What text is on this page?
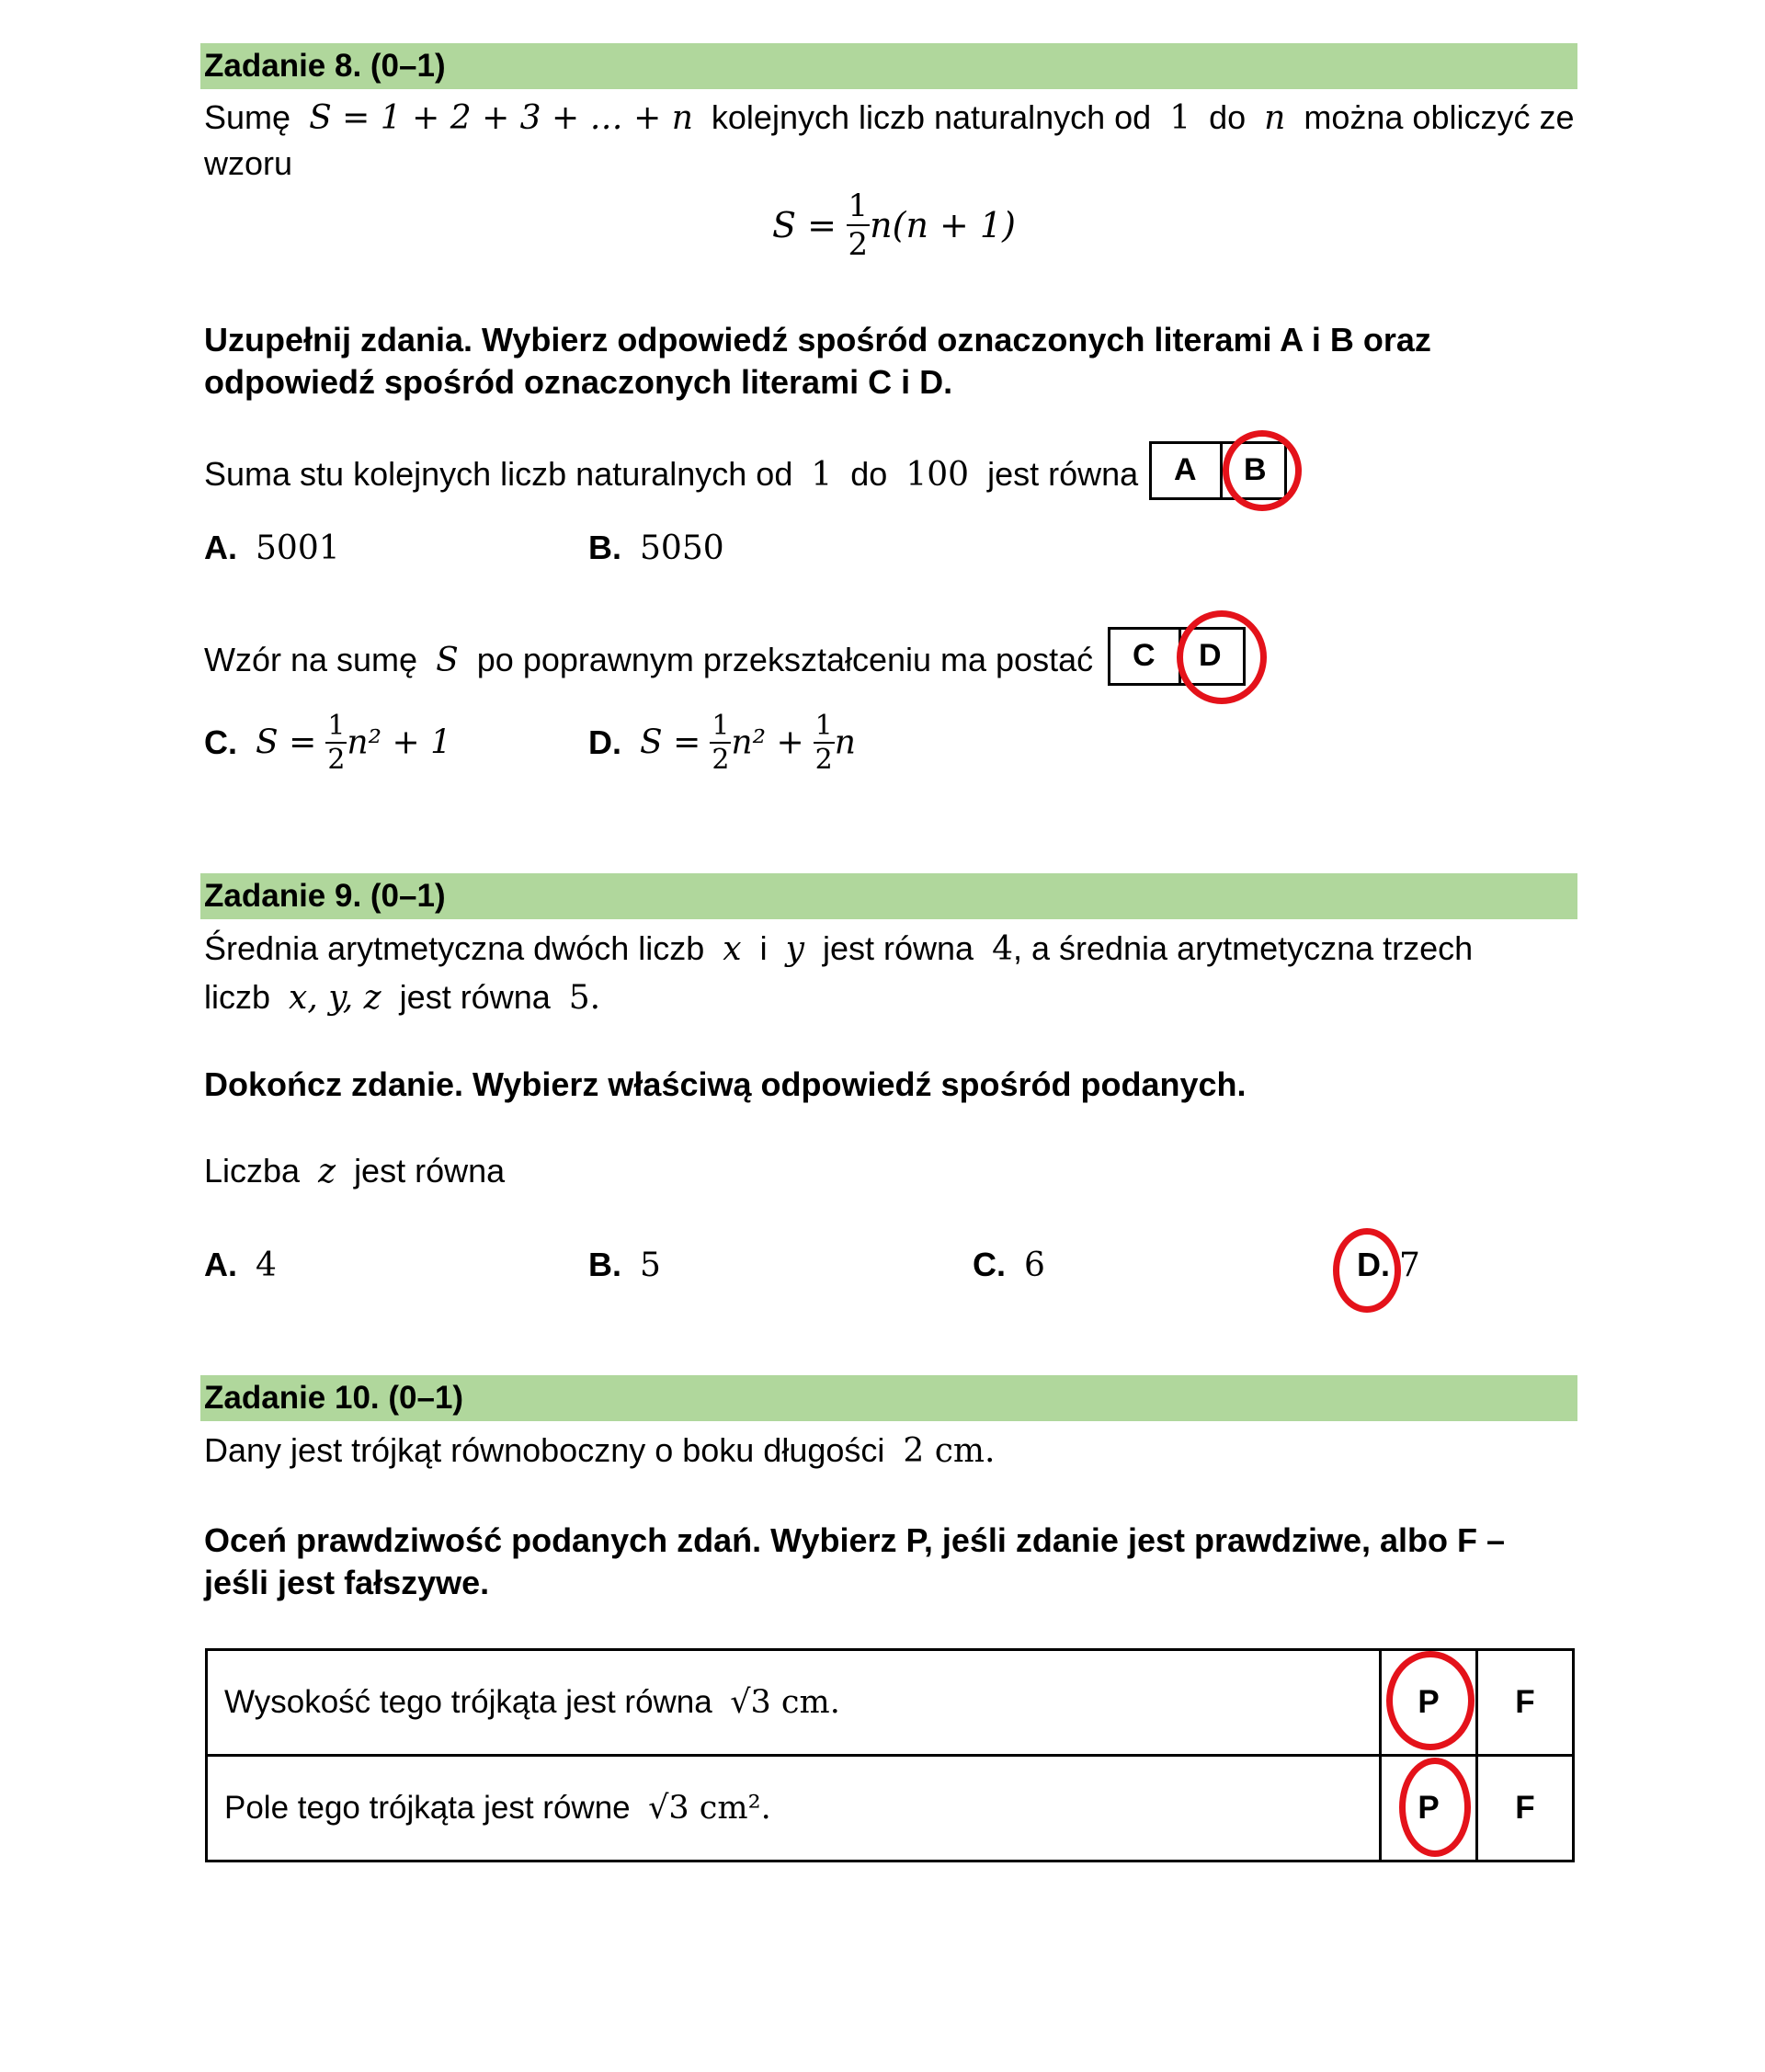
Zadanie 8. (0–1)
Sumę S = 1 + 2 + 3 + … + n kolejnych liczb naturalnych od 1 do n można obliczyć ze
wzoru
$S = \frac{1}{2} n(n + 1)$
Uzupełnij zdania. Wybierz odpowiedź spośród oznaczonych literami A i B oraz
odpowiedź spośród oznaczonych literami C i D.
Suma stu kolejnych liczb naturalnych od 1 do 100 jest równa A B
A. 5001	B. 5050
Wzór na sumę S po poprawnym przekształceniu ma postać C D
C. $S = \frac{1}{2} n^2 + 1$	D. $S = \frac{1}{2} n^2 + \frac{1}{2}$ n
Zadanie 9. (0–1)
Średnia arytmetyczna dwóch liczb x i y jest równa 4, a średnia arytmetyczna trzech
liczb x, y, z jest równa 5.
Dokończ zdanie. Wybierz właściwą odpowiedź spośród podanych.
Liczba z jest równa
A. 4	B. 5	C. 6	D. 7
Zadanie 10. (0–1)
Dany jest trójkąt równoboczny o boku długości 2 cm.
Oceń prawdziwość podanych zdań. Wybierz P, jeśli zdanie jest prawdziwe, albo F –
jeśli jest fałszywe.
Wysokość tego trójkąta jest równa √3 cm.	P	F
Pole tego trójkąta jest równe √3 cm².	P	F
